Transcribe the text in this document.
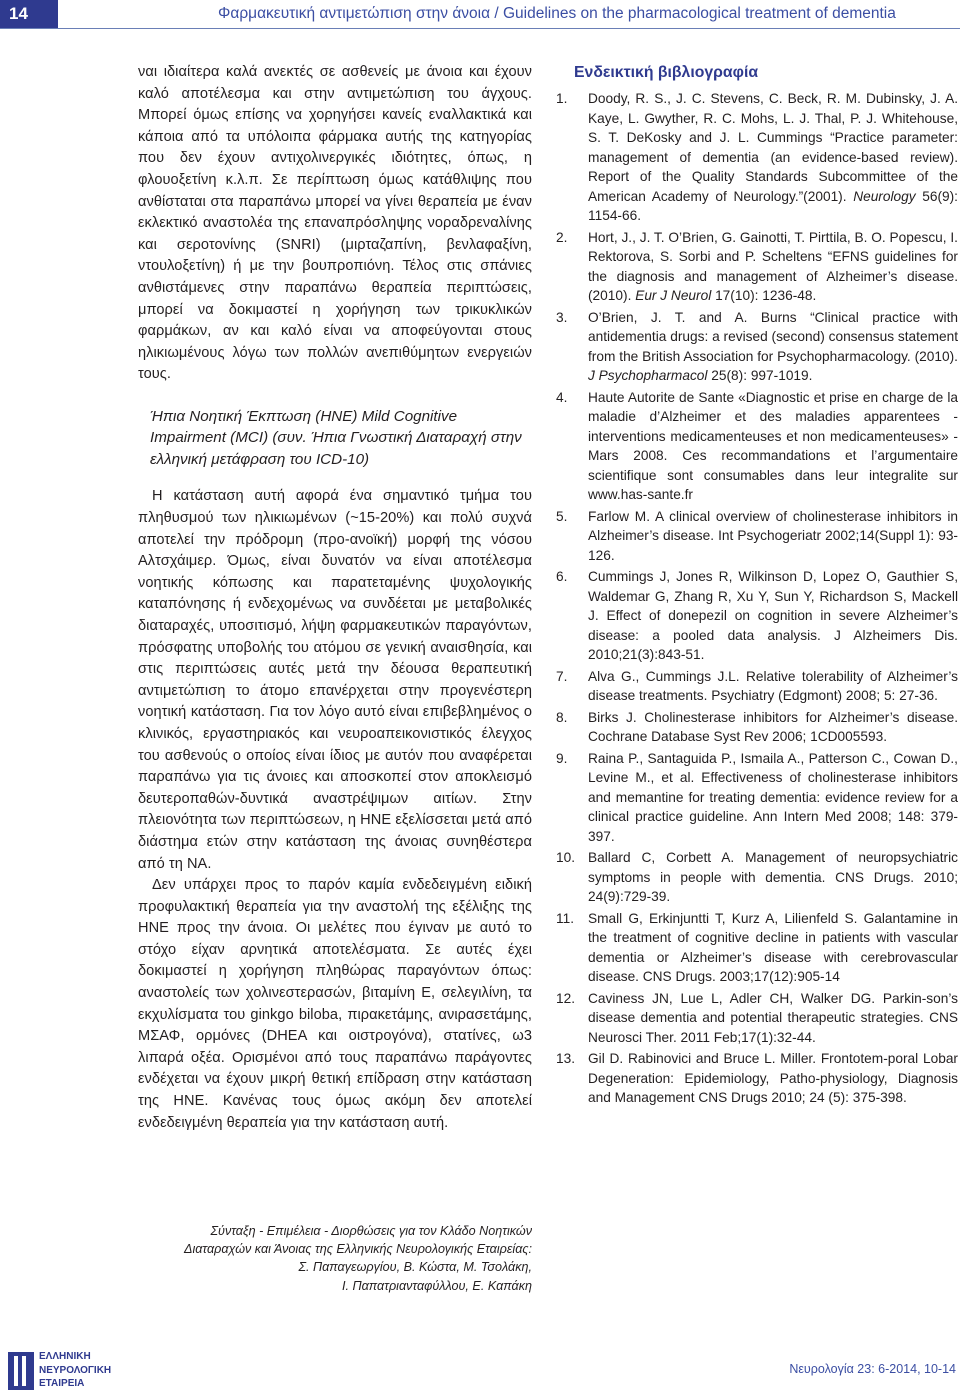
14	Φαρμακευτική αντιμετώπιση στην άνοια / Guidelines on the pharmacological treatment of dementia

ναι ιδιαίτερα καλά ανεκτές σε ασθενείς με άνοια και έχουν καλό αποτέλεσμα και στην αντιμετώπιση του άγχους. Μπορεί όμως επίσης να χορηγήσει κανείς εναλλακτικά και κάποια από τα υπόλοιπα φάρμακα αυτής της κατηγορίας που δεν έχουν αντιχολινεργικές ιδιότητες, όπως, η φλουοξετίνη κ.λ.π. Σε περίπτωση όμως κατάθλιψης που ανθίσταται στα παραπάνω μπορεί να γίνει θεραπεία με έναν εκλεκτικό αναστολέα της επαναπρόσληψης νοραδρεναλίνης και σεροτονίνης (SNRI) (μιρταζαπίνη, βενλαφαξίνη, ντουλοξετίνη) ή με την βουπροπιόνη. Τέλος στις σπάνιες ανθιστάμενες στην παραπάνω θεραπεία περιπτώσεις, μπορεί να δοκιμαστεί η χορήγηση των τρικυκλικών φαρμάκων, αν και καλό είναι να αποφεύγονται στους ηλικιωμένους λόγω των πολλών ανεπιθύμητων ενεργειών τους.

Ήπια Νοητική Έκπτωση (ΗΝΕ) Mild Cognitive Impairment (MCI) (συν. Ήπια Γνωστική Διαταραχή στην ελληνική μετάφραση του ICD-10)

Η κατάσταση αυτή αφορά ένα σημαντικό τμήμα του πληθυσμού των ηλικιωμένων (~15-20%) και πολύ συχνά αποτελεί την πρόδρομη (προ-ανοϊκή) μορφή της νόσου Αλτσχάιμερ. Όμως, είναι δυνατόν να είναι αποτέλεσμα νοητικής κόπωσης και παρατεταμένης ψυχολογικής καταπόνησης ή ενδεχομένως να συνδέεται με μεταβολικές διαταραχές, υποσιτισμό, λήψη φαρμακευτικών παραγόντων, πρόσφατης υποβολής του ατόμου σε γενική αναισθησία, και στις περιπτώσεις αυτές μετά την δέουσα θεραπευτική αντιμετώπιση το άτομο επανέρχεται στην προγενέστερη νοητική κατάσταση. Για τον λόγο αυτό είναι επιβεβλημένος ο κλινικός, εργαστηριακός και νευροαπεικονιστικός έλεγχος του ασθενούς ο οποίος είναι ίδιος με αυτόν που αναφέρεται παραπάνω για τις άνοιες και αποσκοπεί στον αποκλεισμό δευτεροπαθών-δυντικά αναστρέψιμων αιτίων. Στην πλειονότητα των περιπτώσεων, η ΗΝΕ εξελίσσεται μετά από διάστημα ετών στην κατάσταση της άνοιας συνηθέστερα από τη ΝΑ.

Δεν υπάρχει προς το παρόν καμία ενδεδειγμένη ειδική προφυλακτική θεραπεία για την αναστολή της εξέλιξης της ΗΝΕ προς την άνοια. Οι μελέτες που έγιναν με αυτό το στόχο είχαν αρνητικά αποτελέσματα. Σε αυτές έχει δοκιμαστεί η χορήγηση πληθώρας παραγόντων όπως: αναστολείς των χολινεστερασών, βιταμίνη Ε, σελεγιλίνη, τα εκχυλίσματα του ginkgo biloba, πιρακετάμης, ανιρασετάμης, ΜΣΑΦ, ορμόνες (DHEA και οιστρογόνα), στατίνες, ω3 λιπαρά οξέα. Ορισμένοι από τους παραπάνω παράγοντες ενδέχεται να έχουν μικρή θετική επίδραση στην κατάσταση της ΗΝΕ. Κανένας τους όμως ακόμη δεν αποτελεί ενδεδειγμένη θεραπεία για την κατάσταση αυτή.

Ενδεικτική βιβλιογραφία
1.	Doody, R. S., J. C. Stevens, C. Beck, R. M. Dubinsky, J. A. Kaye, L. Gwyther, R. C. Mohs, L. J. Thal, P. J. Whitehouse, S. T. DeKosky and J. L. Cummings “Practice parameter: management of dementia (an evidence-based review). Report of the Quality Standards Subcommittee of the American Academy of Neurology.”(2001). Neurology 56(9): 1154-66.
2.	Hort, J., J. T. O’Brien, G. Gainotti, T. Pirttila, B. O. Popescu, I. Rektorova, S. Sorbi and P. Scheltens “EFNS guidelines for the diagnosis and management of Alzheimer’s disease. (2010). Eur J Neurol 17(10): 1236-48.
3.	O’Brien, J. T. and A. Burns “Clinical practice with antidementia drugs: a revised (second) consensus statement from the British Association for Psychopharmacology. (2010). J Psychopharmacol 25(8): 997-1019.
4.	Haute Autorite de Sante «Diagnostic et prise en charge de la maladie d’Alzheimer et des maladies apparentees - interventions medicamenteuses et non medicamenteuses» - Mars 2008. Ces recommandations et l’argumentaire scientifique sont consumables dans leur integralite sur www.has-sante.fr
5.	Farlow M. A clinical overview of cholinesterase inhibitors in Alzheimer’s disease. Int Psychogeriatr 2002;14(Suppl 1): 93-126.
6.	Cummings J, Jones R, Wilkinson D, Lopez O, Gauthier S, Waldemar G, Zhang R, Xu Y, Sun Y, Richardson S, Mackell J. Effect of donepezil on cognition in severe Alzheimer’s disease: a pooled data analysis. J Alzheimers Dis. 2010;21(3):843-51.
7.	Alva G., Cummings J.L. Relative tolerability of Alzheimer’s disease treatments. Psychiatry (Edgmont) 2008; 5: 27-36.
8.	Birks J. Cholinesterase inhibitors for Alzheimer’s disease. Cochrane Database Syst Rev 2006; 1CD005593.
9.	Raina P., Santaguida P., Ismaila A., Patterson C., Cowan D., Levine M., et al. Effectiveness of cholinesterase inhibitors and memantine for treating dementia: evidence review for a clinical practice guideline. Ann Intern Med 2008; 148: 379-397.
10. Ballard C, Corbett A. Management of neuropsychiatric symptoms in people with dementia. CNS Drugs. 2010; 24(9):729-39.
11.	Small G, Erkinjuntti T, Kurz A, Lilienfeld S. Galantamine in the treatment of cognitive decline in patients with vascular dementia or Alzheimer’s disease with cerebrovascular disease. CNS Drugs. 2003;17(12):905-14
12. Caviness JN, Lue L, Adler CH, Walker DG. Parkin-son’s disease dementia and potential therapeutic strategies. CNS Neurosci Ther. 2011 Feb;17(1):32-44.
13. Gil D. Rabinovici and Bruce L. Miller. Frontotem-poral Lobar Degeneration: Epidemiology, Patho-physiology, Diagnosis and Management CNS Drugs 2010; 24 (5): 375-398.
Σύνταξη - Επιμέλεια - Διορθώσεις για τον Κλάδο Νοητικών
Διαταραχών και Άνοιας της Ελληνικής Νευρολογικής Εταιρείας:
Σ. Παπαγεωργίου, Β. Κώστα, Μ. Τσολάκη,
Ι. Παπατριανταφύλλου, Ε. Καπάκη
ΕΛΛΗΝΙΚΗ
ΝΕΥΡΟΛΟΓΙΚΗ
ΕΤΑΙΡΕΙΑ
Νευρολογία 23: 6-2014, 10-14
